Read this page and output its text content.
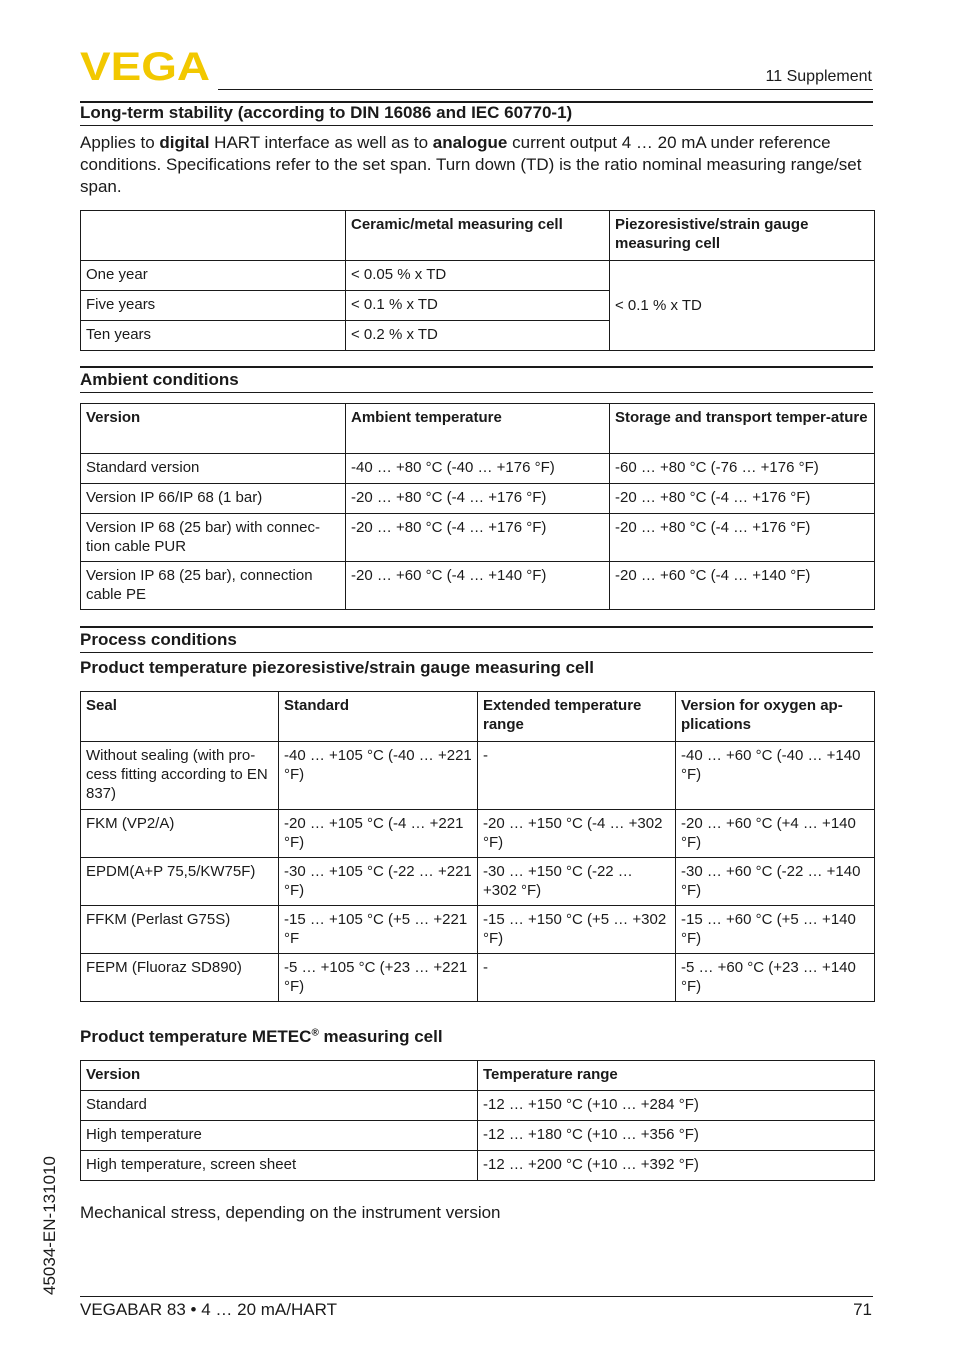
VEGA	11 Supplement
Long-term stability (according to DIN 16086 and IEC 60770-1)
Applies to digital HART interface as well as to analogue current output 4 … 20 mA under reference conditions. Specifications refer to the set span. Turn down (TD) is the ratio nominal measuring range/set span.
	Ceramic/metal measuring cell	Piezoresistive/strain gauge measuring cell
One year	< 0.05 % x TD	< 0.1 % x TD
Five years	< 0.1 % x TD	
Ten years	< 0.2 % x TD	
Ambient conditions
Version	Ambient temperature	Storage and transport temper-ature
Standard version	-40 … +80 °C (-40 … +176 °F)	-60 … +80 °C (-76 … +176 °F)
Version IP 66/IP 68 (1 bar)	-20 … +80 °C (-4 … +176 °F)	-20 … +80 °C (-4 … +176 °F)
Version IP 68 (25 bar) with connec-tion cable PUR	-20 … +80 °C (-4 … +176 °F)	-20 … +80 °C (-4 … +176 °F)
Version IP 68 (25 bar), connection cable PE	-20 … +60 °C (-4 … +140 °F)	-20 … +60 °C (-4 … +140 °F)
Process conditions
Product temperature piezoresistive/strain gauge measuring cell
Seal	Standard	Extended temperature range	Version for oxygen ap-plications
Without sealing (with pro-cess fitting according to EN 837)	-40 … +105 °C (-40 … +221 °F)	-	-40 … +60 °C (-40 … +140 °F)
FKM (VP2/A)	-20 … +105 °C (-4 … +221 °F)	-20 … +150 °C (-4 … +302 °F)	-20 … +60 °C (+4 … +140 °F)
EPDM(A+P 75,5/KW75F)	-30 … +105 °C (-22 … +221 °F)	-30 … +150 °C (-22 … +302 °F)	-30 … +60 °C (-22 … +140 °F)
FFKM (Perlast G75S)	-15 … +105 °C (+5 … +221 °F	-15 … +150 °C (+5 … +302 °F)	-15 … +60 °C (+5 … +140 °F)
FEPM (Fluoraz SD890)	-5 … +105 °C (+23 … +221 °F)	-	-5 … +60 °C (+23 … +140 °F)
Product temperature METEC® measuring cell
Version	Temperature range
Standard	-12 … +150 °C (+10 … +284 °F)
High temperature	-12 … +180 °C (+10 … +356 °F)
High temperature, screen sheet	-12 … +200 °C (+10 … +392 °F)
Mechanical stress, depending on the instrument version
45034-EN-131010
VEGABAR 83 • 4 … 20 mA/HART	71
